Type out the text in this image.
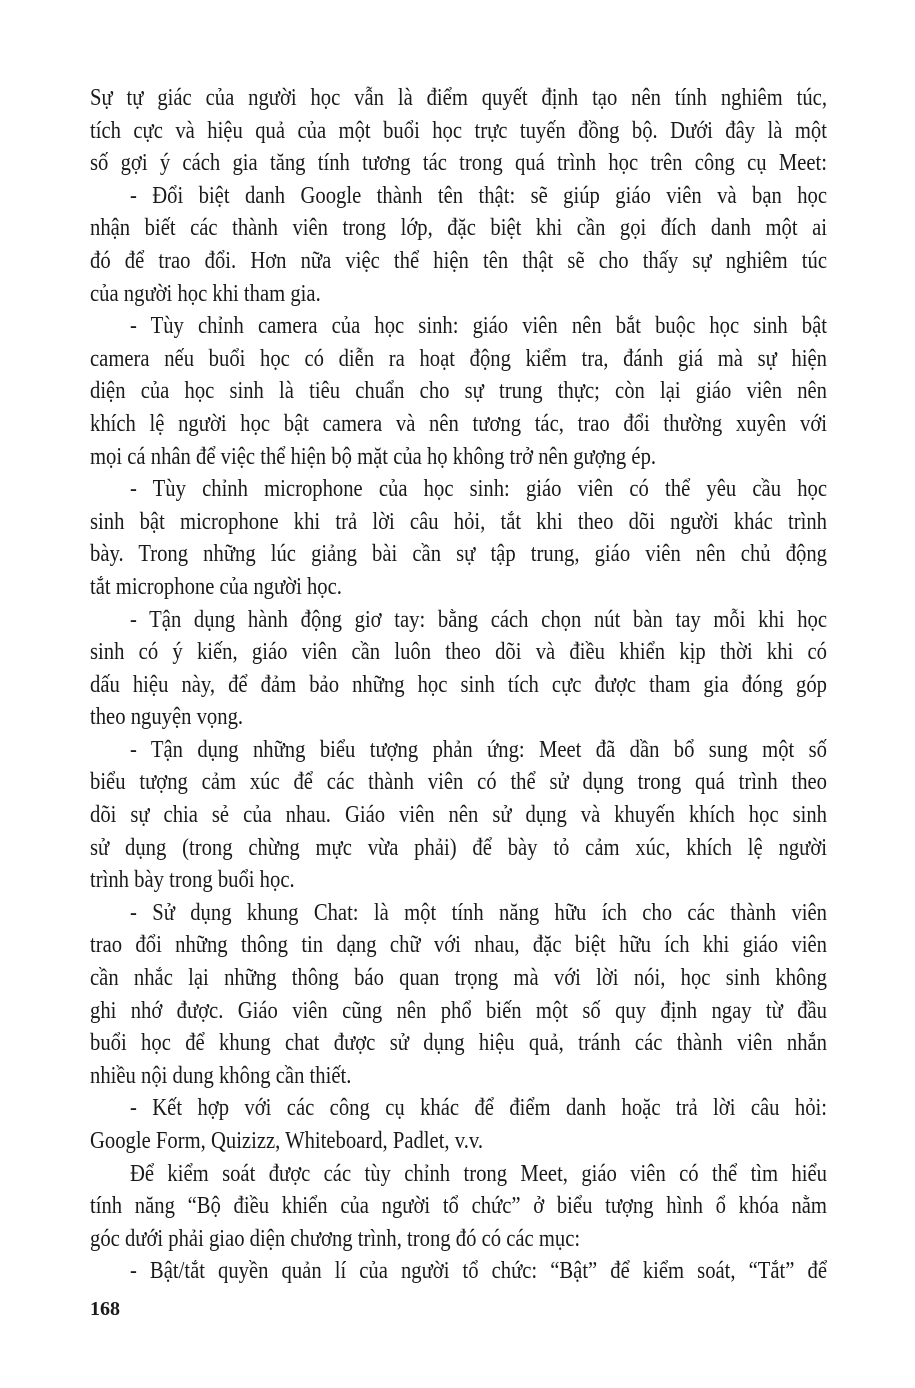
Sự tự giác của người học vẫn là điểm quyết định tạo nên tính nghiêm túc,
tích cực và hiệu quả của một buổi học trực tuyến đồng bộ. Dưới đây là một
số gợi ý cách gia tăng tính tương tác trong quá trình học trên công cụ Meet:
- Đổi biệt danh Google thành tên thật: sẽ giúp giáo viên và bạn học
nhận biết các thành viên trong lớp, đặc biệt khi cần gọi đích danh một ai
đó để trao đổi. Hơn nữa việc thể hiện tên thật sẽ cho thấy sự nghiêm túc
của người học khi tham gia.
- Tùy chỉnh camera của học sinh: giáo viên nên bắt buộc học sinh bật
camera nếu buổi học có diễn ra hoạt động kiểm tra, đánh giá mà sự hiện
diện của học sinh là tiêu chuẩn cho sự trung thực; còn lại giáo viên nên
khích lệ người học bật camera và nên tương tác, trao đổi thường xuyên với
mọi cá nhân để việc thể hiện bộ mặt của họ không trở nên gượng ép.
- Tùy chỉnh microphone của học sinh: giáo viên có thể yêu cầu học
sinh bật microphone khi trả lời câu hỏi, tắt khi theo dõi người khác trình
bày. Trong những lúc giảng bài cần sự tập trung, giáo viên nên chủ động
tắt microphone của người học.
- Tận dụng hành động giơ tay: bằng cách chọn nút bàn tay mỗi khi học
sinh có ý kiến, giáo viên cần luôn theo dõi và điều khiển kịp thời khi có
dấu hiệu này, để đảm bảo những học sinh tích cực được tham gia đóng góp
theo nguyện vọng.
- Tận dụng những biểu tượng phản ứng: Meet đã dần bổ sung một số
biểu tượng cảm xúc để các thành viên có thể sử dụng trong quá trình theo
dõi sự chia sẻ của nhau. Giáo viên nên sử dụng và khuyến khích học sinh
sử dụng (trong chừng mực vừa phải) để bày tỏ cảm xúc, khích lệ người
trình bày trong buổi học.
- Sử dụng khung Chat: là một tính năng hữu ích cho các thành viên
trao đổi những thông tin dạng chữ với nhau, đặc biệt hữu ích khi giáo viên
cần nhắc lại những thông báo quan trọng mà với lời nói, học sinh không
ghi nhớ được. Giáo viên cũng nên phổ biến một số quy định ngay từ đầu
buổi học để khung chat được sử dụng hiệu quả, tránh các thành viên nhắn
nhiều nội dung không cần thiết.
- Kết hợp với các công cụ khác để điểm danh hoặc trả lời câu hỏi:
Google Form, Quizizz, Whiteboard, Padlet, v.v.
Để kiểm soát được các tùy chỉnh trong Meet, giáo viên có thể tìm hiểu
tính năng “Bộ điều khiển của người tổ chức” ở biểu tượng hình ổ khóa nằm
góc dưới phải giao diện chương trình, trong đó có các mục:
- Bật/tắt quyền quản lí của người tổ chức: “Bật” để kiểm soát, “Tắt” để
168
